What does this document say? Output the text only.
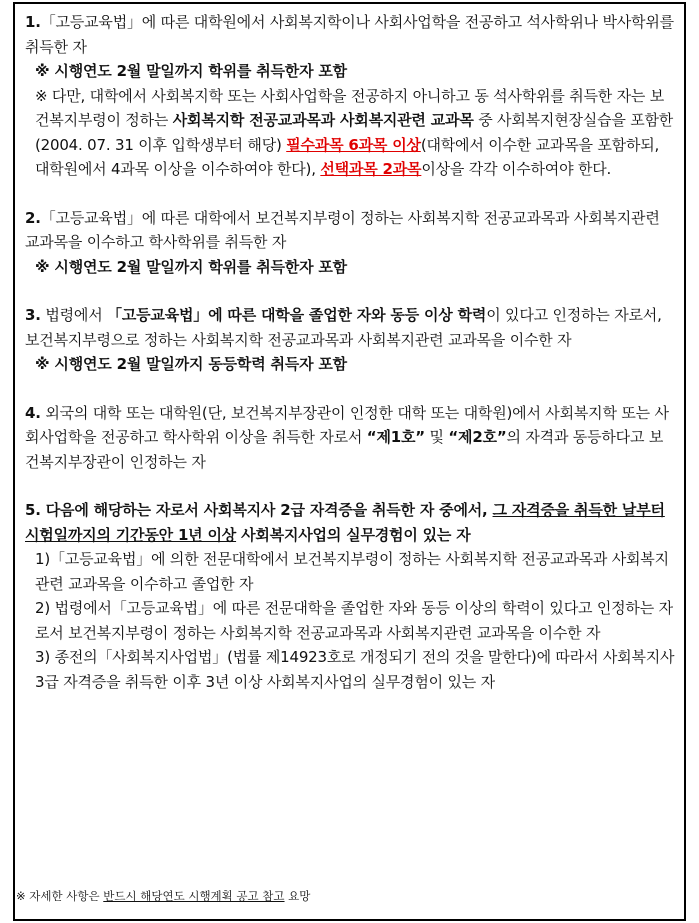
1.「고등교육법」에 따른 대학원에서 사회복지학이나 사회사업학을 전공하고 석사학위나 박사학위를 취득한 자
※ 시행연도 2월 말일까지 학위를 취득한자 포함
※ 다만, 대학에서 사회복지학 또는 사회사업학을 전공하지 아니하고 동 석사학위를 취득한 자는 보건복지부령이 정하는 사회복지학 전공교과목과 사회복지관련 교과목 중 사회복지현장실습을 포함한(2004. 07. 31 이후 입학생부터 해당) 필수과목 6과목 이상(대학에서 이수한 교과목을 포함하되, 대학원에서 4과목 이상을 이수하여야 한다), 선택과목 2과목이상을 각각 이수하여야 한다.
2.「고등교육법」에 따른 대학에서 보건복지부령이 정하는 사회복지학 전공교과목과 사회복지관련 교과목을 이수하고 학사학위를 취득한 자
※ 시행연도 2월 말일까지 학위를 취득한자 포함
3. 법령에서 「고등교육법」에 따른 대학을 졸업한 자와 동등 이상 학력이 있다고 인정하는 자로서, 보건복지부령으로 정하는 사회복지학 전공교과목과 사회복지관련 교과목을 이수한 자
※ 시행연도 2월 말일까지 동등학력 취득자 포함
4. 외국의 대학 또는 대학원(단, 보건복지부장관이 인정한 대학 또는 대학원)에서 사회복지학 또는 사회사업학을 전공하고 학사학위 이상을 취득한 자로서 “제1호” 및 “제2호”의 자격과 동등하다고 보건복지부장관이 인정하는 자
5. 다음에 해당하는 자로서 사회복지사 2급 자격증을 취득한 자 중에서, 그 자격증을 취득한 날부터 시험일까지의 기간동안 1년 이상 사회복지사업의 실무경험이 있는 자
1)「고등교육법」에 의한 전문대학에서 보건복지부령이 정하는 사회복지학 전공교과목과 사회복지관련 교과목을 이수하고 졸업한 자
2) 법령에서「고등교육법」에 따른 전문대학을 졸업한 자와 동등 이상의 학력이 있다고 인정하는 자로서 보건복지부령이 정하는 사회복지학 전공교과목과 사회복지관련 교과목을 이수한 자
3) 종전의「사회복지사업법」(법률 제14923호로 개정되기 전의 것을 말한다)에 따라서 사회복지사 3급 자격증을 취득한 이후 3년 이상 사회복지사업의 실무경험이 있는 자
※ 자세한 사항은 반드시 해당연도 시행계획 공고 참고 요망
